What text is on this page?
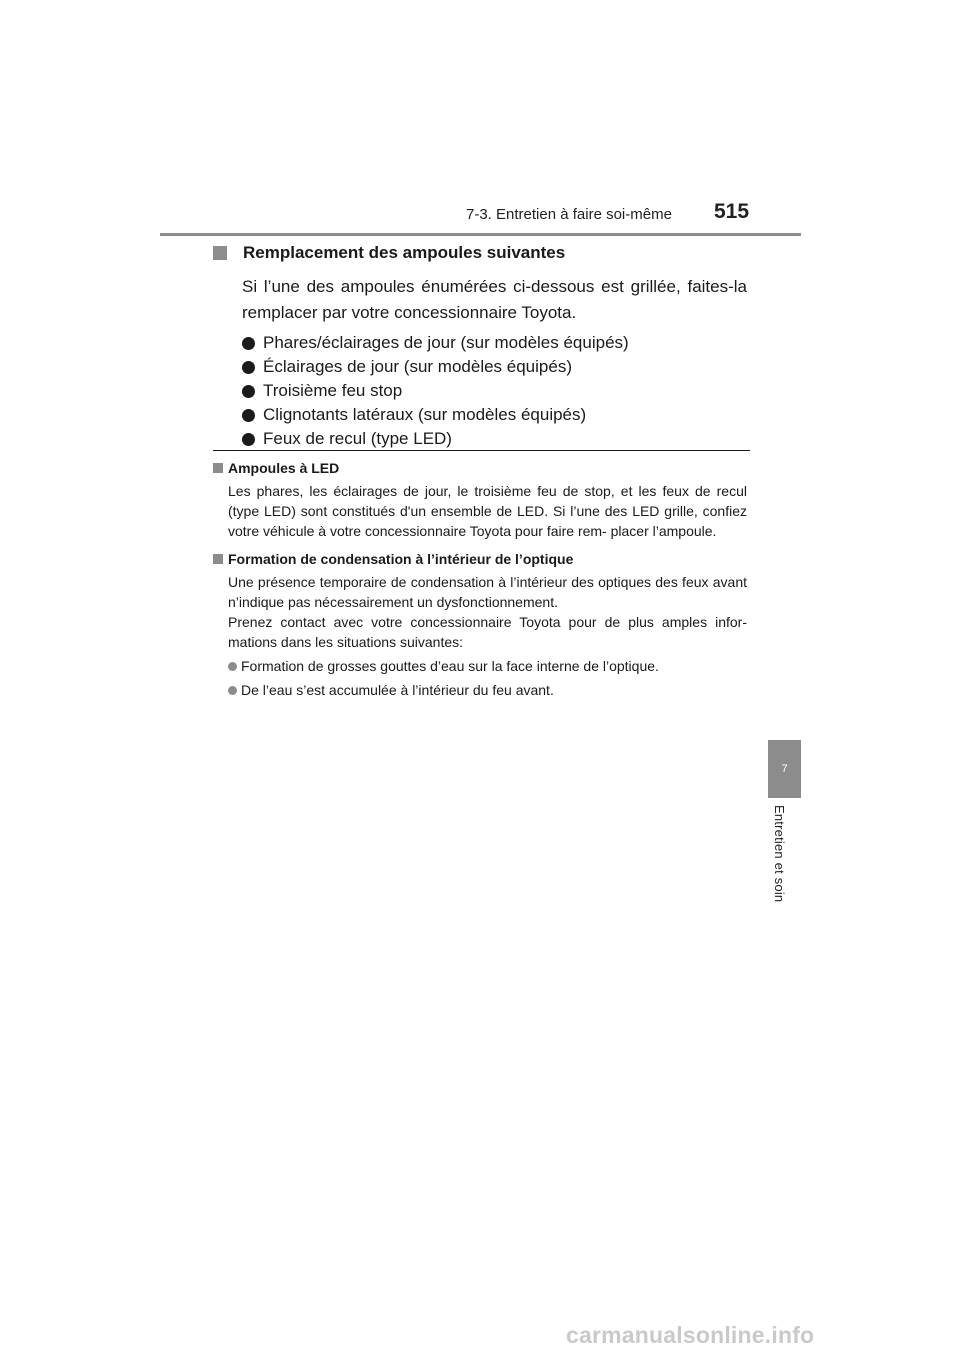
7-3. Entretien à faire soi-même 515
7
Entretien et soin
Remplacement des ampoules suivantes
Si l’une des ampoules énumérées ci-dessous est grillée, faites-la remplacer par votre concessionnaire Toyota.
Phares/éclairages de jour (sur modèles équipés)
Éclairages de jour (sur modèles équipés)
Troisième feu stop
Clignotants latéraux (sur modèles équipés)
Feux de recul (type LED)
Ampoules à LED

Les phares, les éclairages de jour, le troisième feu de stop, et les feux de recul (type LED) sont constitués d'un ensemble de LED. Si l’une des LED grille, confiez votre véhicule à votre concessionnaire Toyota pour faire rem- placer l’ampoule.

Formation de condensation à l’intérieur de l’optique

Une présence temporaire de condensation à l’intérieur des optiques des feux avant n’indique pas nécessairement un dysfonctionnement.

Prenez contact avec votre concessionnaire Toyota pour de plus amples infor- mations dans les situations suivantes:

Formation de grosses gouttes d’eau sur la face interne de l’optique.
De l’eau s’est accumulée à l’intérieur du feu avant.
carmanualsonline.info
